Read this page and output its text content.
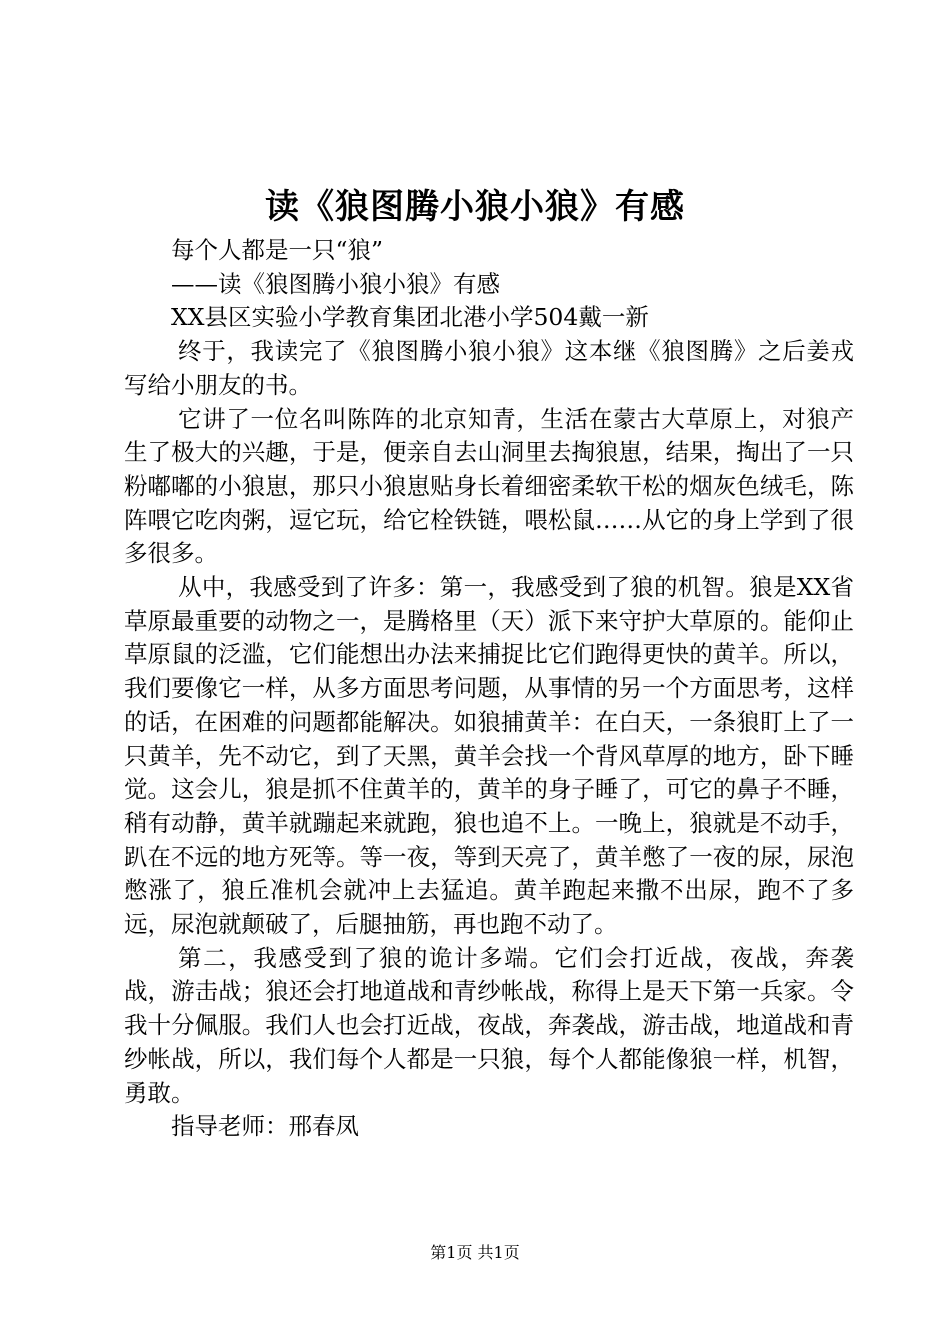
读《狼图腾小狼小狼》有感

每个人都是一只“狼”

——读《狼图腾小狼小狼》有感

XX县区实验小学教育集团北港小学504戴一新

终于，我读完了《狼图腾小狼小狼》这本继《狼图腾》之后姜戎写给小朋友的书。

它讲了一位名叫陈阵的北京知青，生活在蒙古大草原上，对狼产生了极大的兴趣，于是，便亲自去山洞里去掏狼崽，结果，掏出了一只粉嘟嘟的小狼崽，那只小狼崽贴身长着细密柔软干松的烟灰色绒毛，陈阵喂它吃肉粥，逗它玩，给它栓铁链，喂松鼠……从它的身上学到了很多很多。

从中，我感受到了许多：第一，我感受到了狼的机智。狼是XX省草原最重要的动物之一，是腾格里（天）派下来守护大草原的。能仰止草原鼠的泛滥，它们能想出办法来捕捉比它们跑得更快的黄羊。所以，我们要像它一样，从多方面思考问题，从事情的另一个方面思考，这样的话，在困难的问题都能解决。如狼捕黄羊：在白天，一条狼盯上了一只黄羊，先不动它，到了天黑，黄羊会找一个背风草厚的地方，卧下睡觉。这会儿，狼是抓不住黄羊的，黄羊的身子睡了，可它的鼻子不睡，稍有动静，黄羊就蹦起来就跑，狼也追不上。一晚上，狼就是不动手，趴在不远的地方死等。等一夜，等到天亮了，黄羊憋了一夜的尿，尿泡憋涨了，狼丘准机会就冲上去猛追。黄羊跑起来撒不出尿，跑不了多远，尿泡就颠破了，后腿抽筋，再也跑不动了。

第二，我感受到了狼的诡计多端。它们会打近战，夜战，奔袭战，游击战；狼还会打地道战和青纱帐战，称得上是天下第一兵家。令我十分佩服。我们人也会打近战，夜战，奔袭战，游击战，地道战和青纱帐战，所以，我们每个人都是一只狼，每个人都能像狼一样，机智，勇敢。

指导老师：邢春凤

第1页 共1页
